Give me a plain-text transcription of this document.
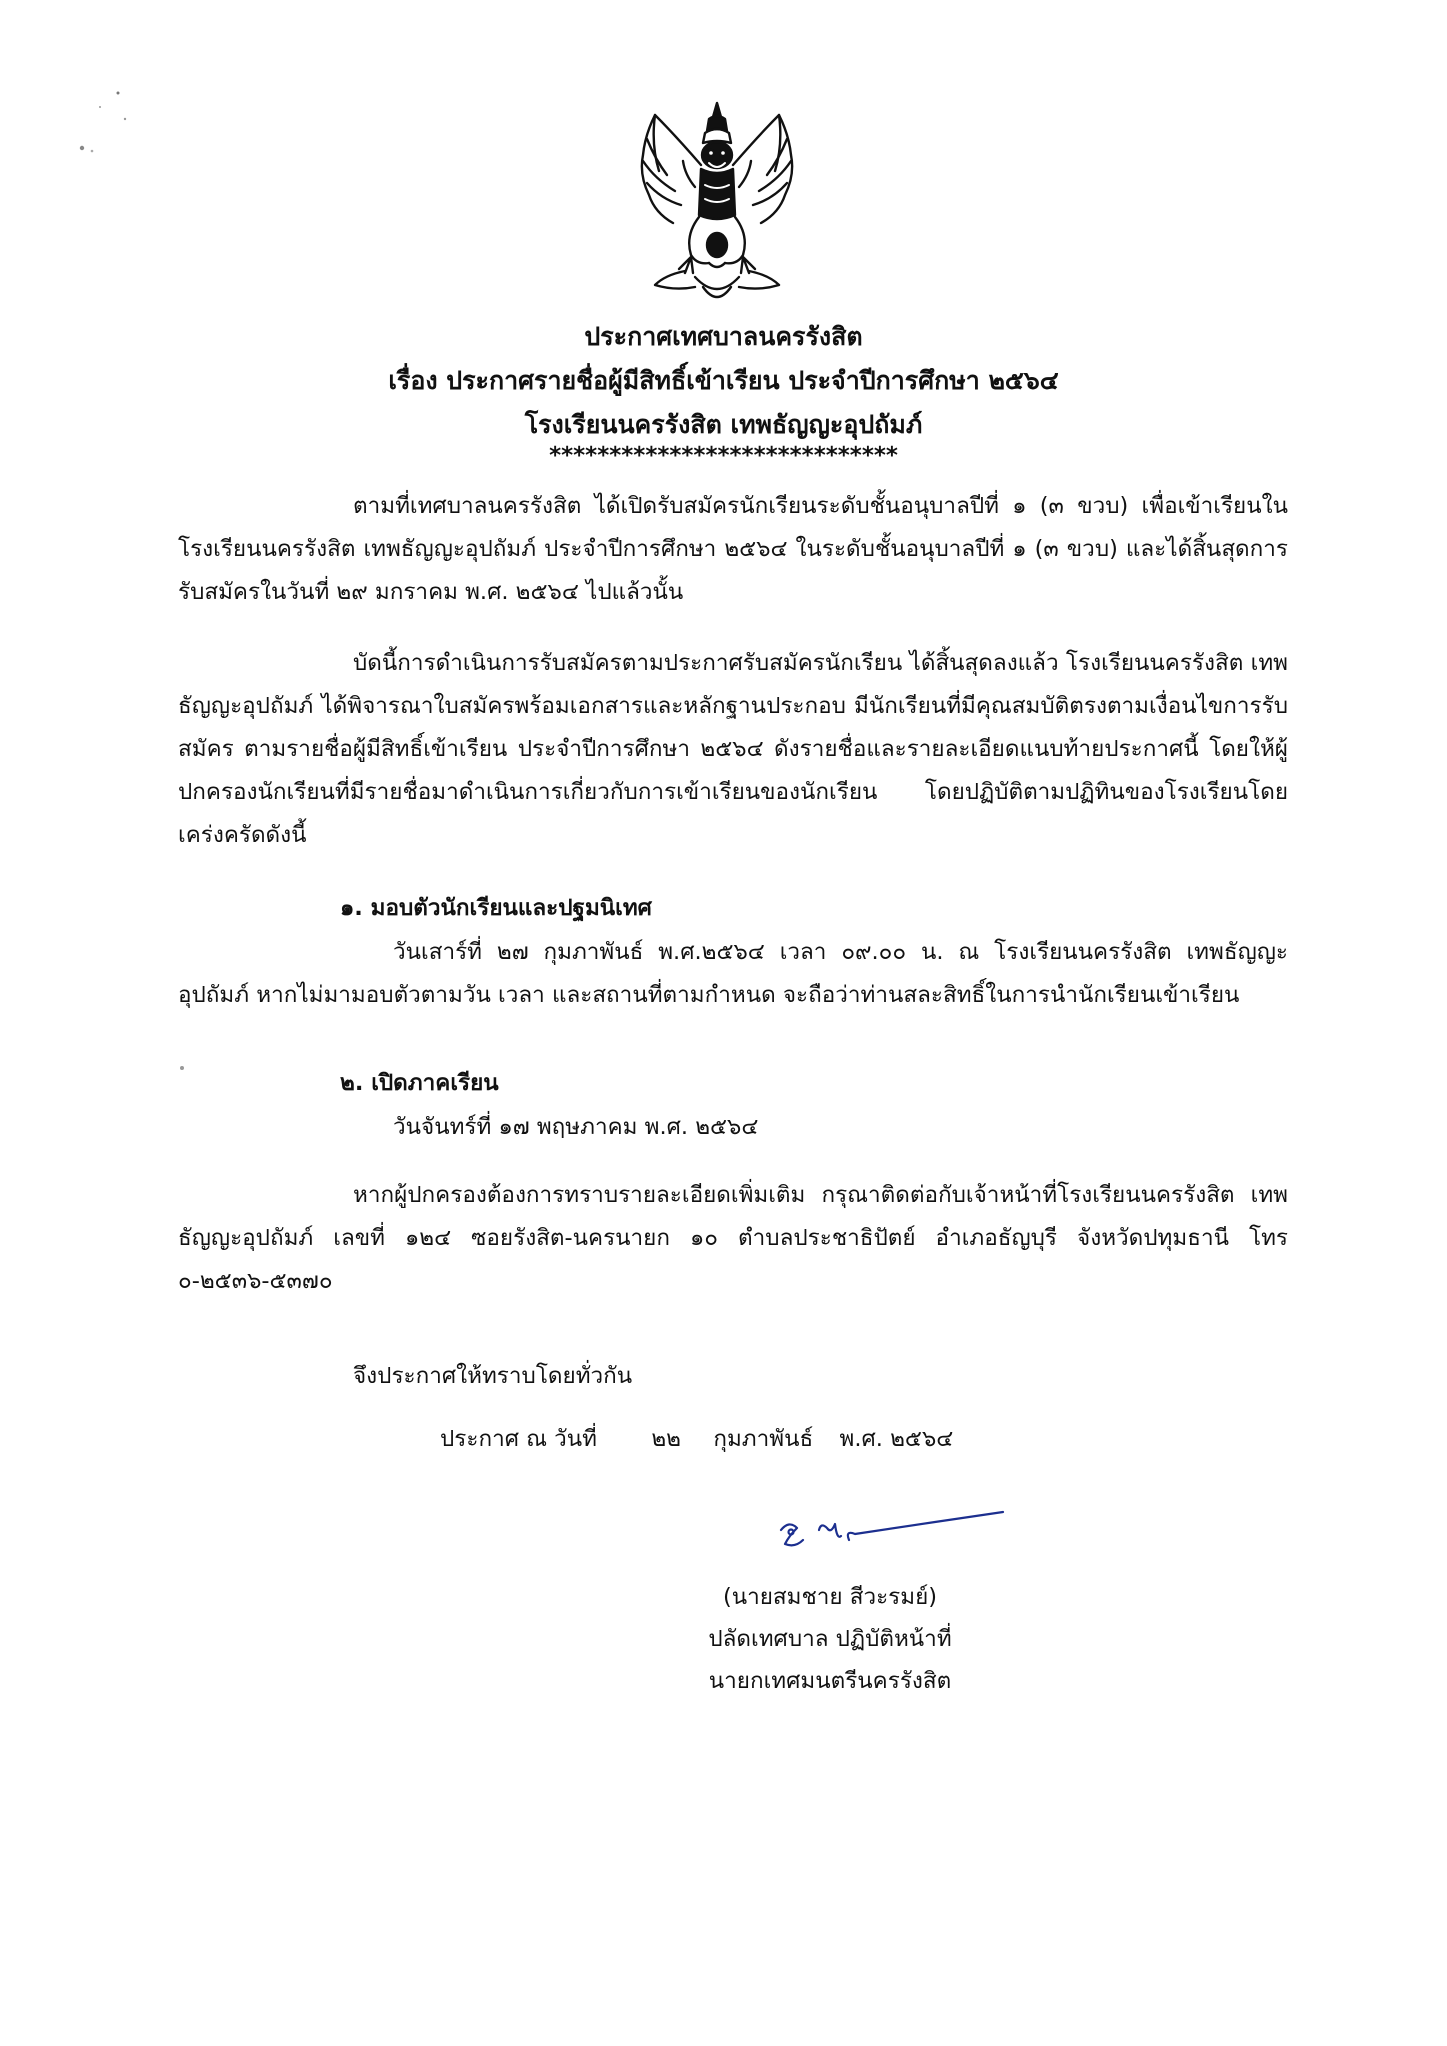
ประกาศเทศบาลนครรังสิต
เรื่อง ประกาศรายชื่อผู้มีสิทธิ์เข้าเรียน ประจำปีการศึกษา ๒๕๖๔
โรงเรียนนครรังสิต เทพธัญญะอุปถัมภ์
*****************************
ตามที่เทศบาลนครรังสิต ได้เปิดรับสมัครนักเรียนระดับชั้นอนุบาลปีที่ ๑ (๓ ขวบ) เพื่อเข้าเรียนในโรงเรียนนครรังสิต เทพธัญญะอุปถัมภ์ ประจำปีการศึกษา ๒๕๖๔ ในระดับชั้นอนุบาลปีที่ ๑ (๓ ขวบ) และได้สิ้นสุดการรับสมัครในวันที่ ๒๙ มกราคม พ.ศ. ๒๕๖๔ ไปแล้วนั้น
บัดนี้การดำเนินการรับสมัครตามประกาศรับสมัครนักเรียน ได้สิ้นสุดลงแล้ว โรงเรียนนครรังสิต เทพธัญญะอุปถัมภ์ ได้พิจารณาใบสมัครพร้อมเอกสารและหลักฐานประกอบ มีนักเรียนที่มีคุณสมบัติตรงตามเงื่อนไขการรับสมัคร ตามรายชื่อผู้มีสิทธิ์เข้าเรียน ประจำปีการศึกษา ๒๕๖๔ ดังรายชื่อและรายละเอียดแนบท้ายประกาศนี้ โดยให้ผู้ปกครองนักเรียนที่มีรายชื่อมาดำเนินการเกี่ยวกับการเข้าเรียนของนักเรียน โดยปฏิบัติตามปฏิทินของโรงเรียนโดยเคร่งครัดดังนี้
๑. มอบตัวนักเรียนและปฐมนิเทศ
วันเสาร์ที่ ๒๗ กุมภาพันธ์ พ.ศ.๒๕๖๔ เวลา ๐๙.๐๐ น. ณ โรงเรียนนครรังสิต เทพธัญญะอุปถัมภ์ หากไม่มามอบตัวตามวัน เวลา และสถานที่ตามกำหนด จะถือว่าท่านสละสิทธิ์ในการนำนักเรียนเข้าเรียน
๒. เปิดภาคเรียน
วันจันทร์ที่ ๑๗ พฤษภาคม พ.ศ. ๒๕๖๔
หากผู้ปกครองต้องการทราบรายละเอียดเพิ่มเติม กรุณาติดต่อกับเจ้าหน้าที่โรงเรียนนครรังสิต เทพธัญญะอุปถัมภ์ เลขที่ ๑๒๔ ซอยรังสิต-นครนายก ๑๐ ตำบลประชาธิปัตย์ อำเภอธัญบุรี จังหวัดปทุมธานี โทร ๐-๒๕๓๖-๕๓๗๐
จึงประกาศให้ทราบโดยทั่วกัน
ประกาศ ณ วันที่ ๒๒ กุมภาพันธ์ พ.ศ. ๒๕๖๔
(นายสมชาย สีวะรมย์)
ปลัดเทศบาล ปฏิบัติหน้าที่
นายกเทศมนตรีนครรังสิต
